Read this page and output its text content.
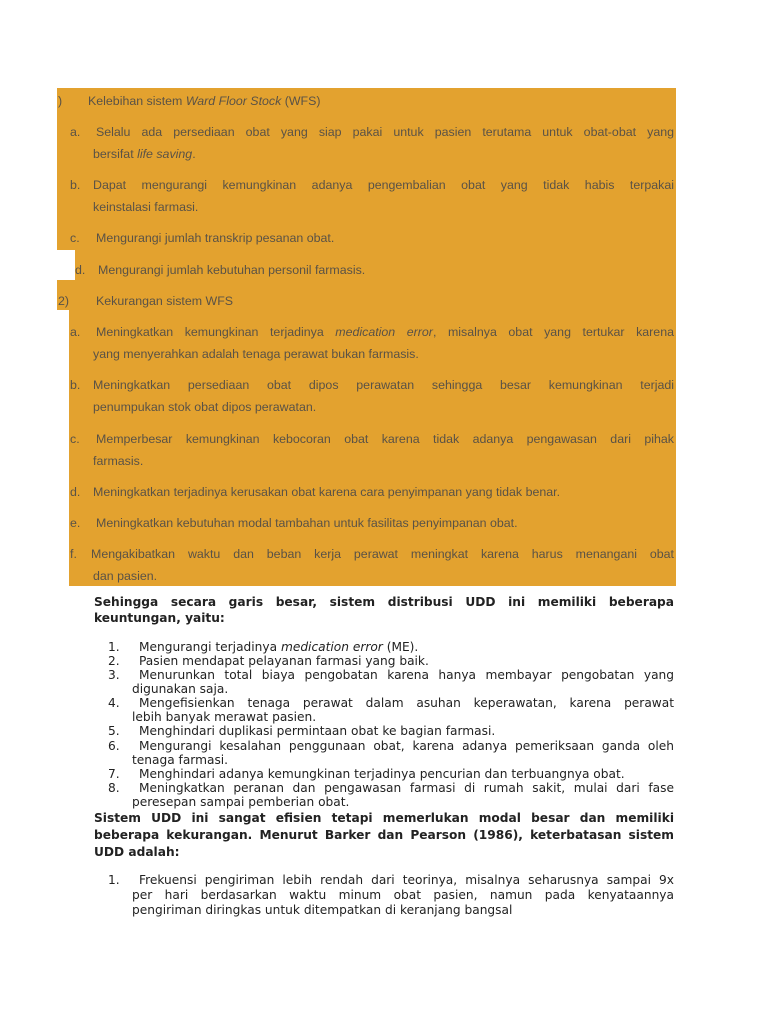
) Kelebihan sistem Ward Floor Stock (WFS)
a. Selalu ada persediaan obat yang siap pakai untuk pasien terutama untuk obat-obat yang
bersifat life saving.
b. Dapat mengurangi kemungkinan adanya pengembalian obat yang tidak habis terpakai
keinstalasi farmasi.
c. Mengurangi jumlah transkrip pesanan obat.
d. Mengurangi jumlah kebutuhan personil farmasis.
2) Kekurangan sistem WFS
a. Meningkatkan kemungkinan terjadinya medication error, misalnya obat yang tertukar karena
yang menyerahkan adalah tenaga perawat bukan farmasis.
b. Meningkatkan persediaan obat dipos perawatan sehingga besar kemungkinan terjadi
penumpukan stok obat dipos perawatan.
c. Memperbesar kemungkinan kebocoran obat karena tidak adanya pengawasan dari pihak
farmasis.
d. Meningkatkan terjadinya kerusakan obat karena cara penyimpanan yang tidak benar.
e. Meningkatkan kebutuhan modal tambahan untuk fasilitas penyimpanan obat.
f. Mengakibatkan waktu dan beban kerja perawat meningkat karena harus menangani obat
dan pasien.
Sehingga secara garis besar, sistem distribusi UDD ini memiliki beberapa
keuntungan, yaitu:
1. Mengurangi terjadinya medication error (ME).
2. Pasien mendapat pelayanan farmasi yang baik.
3. Menurunkan total biaya pengobatan karena hanya membayar pengobatan yang
digunakan saja.
4. Mengefisienkan tenaga perawat dalam asuhan keperawatan, karena perawat
lebih banyak merawat pasien.
5. Menghindari duplikasi permintaan obat ke bagian farmasi.
6. Mengurangi kesalahan penggunaan obat, karena adanya pemeriksaan ganda oleh
tenaga farmasi.
7. Menghindari adanya kemungkinan terjadinya pencurian dan terbuangnya obat.
8. Meningkatkan peranan dan pengawasan farmasi di rumah sakit, mulai dari fase
peresepan sampai pemberian obat.
Sistem UDD ini sangat efisien tetapi memerlukan modal besar dan memiliki
beberapa kekurangan. Menurut Barker dan Pearson (1986), keterbatasan sistem
UDD adalah:
1. Frekuensi pengiriman lebih rendah dari teorinya, misalnya seharusnya sampai 9x
per hari berdasarkan waktu minum obat pasien, namun pada kenyataannya
pengiriman diringkas untuk ditempatkan di keranjang bangsal
